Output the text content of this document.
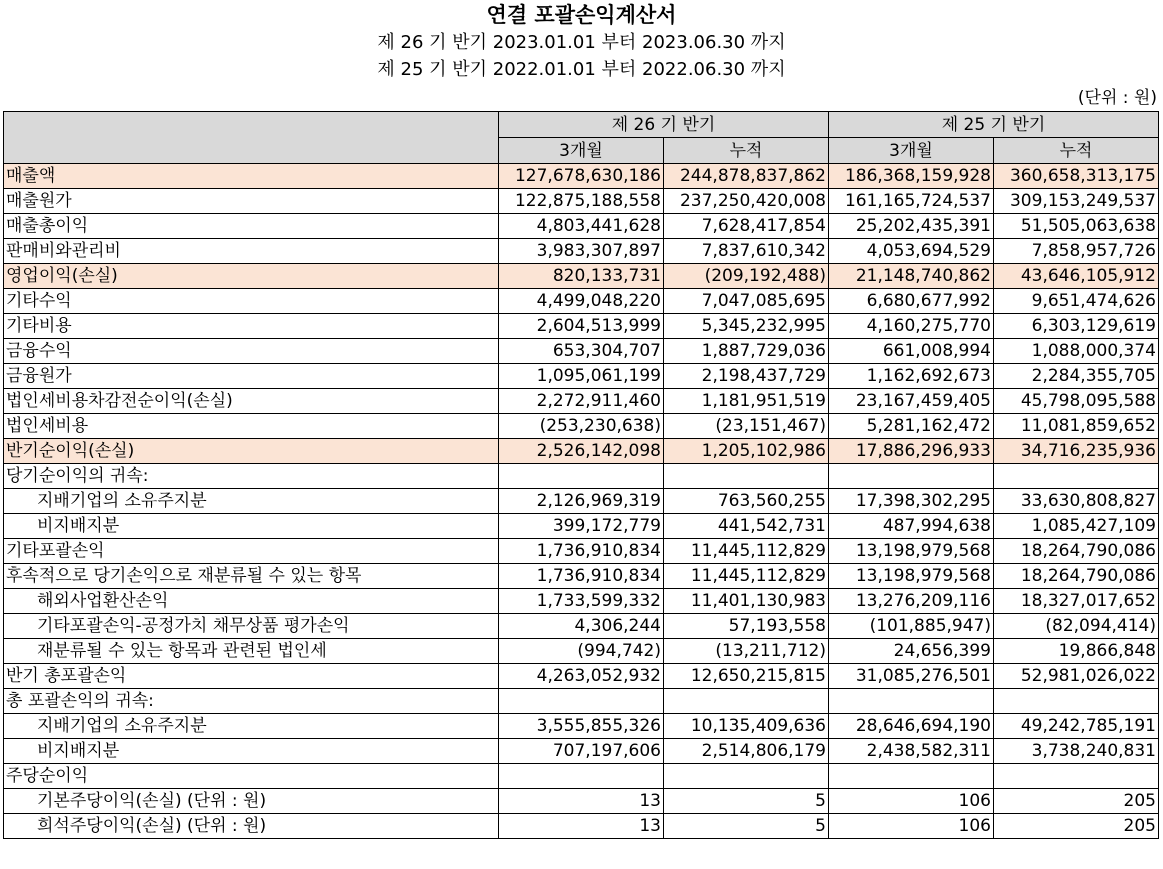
연결 포괄손익계산서
제 26 기 반기 2023.01.01 부터 2023.06.30 까지
제 25 기 반기 2022.01.01 부터 2022.06.30 까지
(단위 : 원)
	제 26 기 반기		제 25 기 반기	
	3개월	누적	3개월	누적
매출액	127,678,630,186	244,878,837,862	186,368,159,928	360,658,313,175
매출원가	122,875,188,558	237,250,420,008	161,165,724,537	309,153,249,537
매출총이익	4,803,441,628	7,628,417,854	25,202,435,391	51,505,063,638
판매비와관리비	3,983,307,897	7,837,610,342	4,053,694,529	7,858,957,726
영업이익(손실)	820,133,731	(209,192,488)	21,148,740,862	43,646,105,912
기타수익	4,499,048,220	7,047,085,695	6,680,677,992	9,651,474,626
기타비용	2,604,513,999	5,345,232,995	4,160,275,770	6,303,129,619
금융수익	653,304,707	1,887,729,036	661,008,994	1,088,000,374
금융원가	1,095,061,199	2,198,437,729	1,162,692,673	2,284,355,705
법인세비용차감전순이익(손실)	2,272,911,460	1,181,951,519	23,167,459,405	45,798,095,588
법인세비용	(253,230,638)	(23,151,467)	5,281,162,472	11,081,859,652
반기순이익(손실)	2,526,142,098	1,205,102,986	17,886,296,933	34,716,235,936
당기순이익의 귀속:				
지배기업의 소유주지분	2,126,969,319	763,560,255	17,398,302,295	33,630,808,827
비지배지분	399,172,779	441,542,731	487,994,638	1,085,427,109
기타포괄손익	1,736,910,834	11,445,112,829	13,198,979,568	18,264,790,086
후속적으로 당기손익으로 재분류될 수 있는 항목	1,736,910,834	11,445,112,829	13,198,979,568	18,264,790,086
해외사업환산손익	1,733,599,332	11,401,130,983	13,276,209,116	18,327,017,652
기타포괄손익-공정가치 채무상품 평가손익	4,306,244	57,193,558	(101,885,947)	(82,094,414)
재분류될 수 있는 항목과 관련된 법인세	(994,742)	(13,211,712)	24,656,399	19,866,848
반기 총포괄손익	4,263,052,932	12,650,215,815	31,085,276,501	52,981,026,022
총 포괄손익의 귀속:				
지배기업의 소유주지분	3,555,855,326	10,135,409,636	28,646,694,190	49,242,785,191
비지배지분	707,197,606	2,514,806,179	2,438,582,311	3,738,240,831
주당순이익				
기본주당이익(손실) (단위 : 원)	13	5	106	205
희석주당이익(손실) (단위 : 원)	13	5	106	205
